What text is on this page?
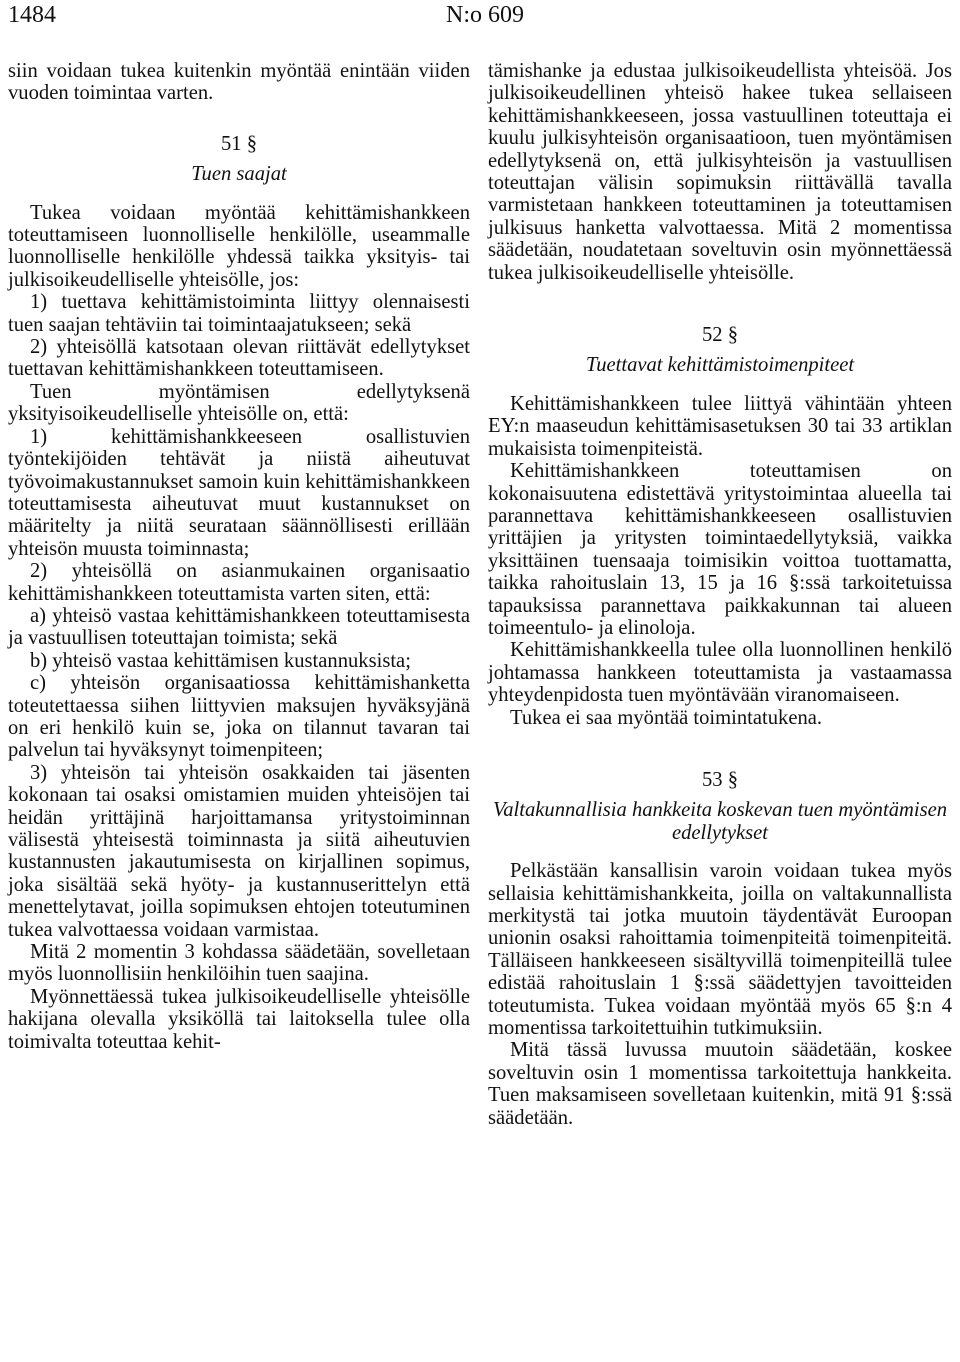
1484	N:o 609

siin voidaan tukea kuitenkin myöntää enintään viiden vuoden toimintaa varten.

51 §
Tuen saajat

Tukea voidaan myöntää kehittämishankkeen toteuttamiseen luonnolliselle henkilölle, useammalle luonnolliselle henkilölle yhdessä taikka yksityis- tai julkisoikeudelliselle yhteisölle, jos:

1) tuettava kehittämistoiminta liittyy olennaisesti tuen saajan tehtäviin tai toimintaajatukseen; sekä

2) yhteisöllä katsotaan olevan riittävät edellytykset tuettavan kehittämishankkeen toteuttamiseen.

Tuen myöntämisen edellytyksenä yksityisoikeudelliselle yhteisölle on, että:

1) kehittämishankkeeseen osallistuvien työntekijöiden tehtävät ja niistä aiheutuvat työvoimakustannukset samoin kuin kehittämishankkeen toteuttamisesta aiheutuvat muut kustannukset on määritelty ja niitä seurataan säännöllisesti erillään yhteisön muusta toiminnasta;

2) yhteisöllä on asianmukainen organisaatio kehittämishankkeen toteuttamista varten siten, että:

a) yhteisö vastaa kehittämishankkeen toteuttamisesta ja vastuullisen toteuttajan toimista; sekä

b) yhteisö vastaa kehittämisen kustannuksista;

c) yhteisön organisaatiossa kehittämishanketta toteutettaessa siihen liittyvien maksujen hyväksyjänä on eri henkilö kuin se, joka on tilannut tavaran tai palvelun tai hyväksynyt toimenpiteen;

3) yhteisön tai yhteisön osakkaiden tai jäsenten kokonaan tai osaksi omistamien muiden yhteisöjen tai heidän yrittäjinä harjoittamansa yritystoiminnan välisestä yhteisestä toiminnasta ja siitä aiheutuvien kustannusten jakautumisesta on kirjallinen sopimus, joka sisältää sekä hyöty- ja kustannuserittelyn että menettelytavat, joilla sopimuksen ehtojen toteutuminen tukea valvottaessa voidaan varmistaa.

Mitä 2 momentin 3 kohdassa säädetään, sovelletaan myös luonnollisiin henkilöihin tuen saajina.

Myönnettäessä tukea julkisoikeudelliselle yhteisölle hakijana olevalla yksiköllä tai laitoksella tulee olla toimivalta toteuttaa kehit-

tämishanke ja edustaa julkisoikeudellista yhteisöä. Jos julkisoikeudellinen yhteisö hakee tukea sellaiseen kehittämishankkeeseen, jossa vastuullinen toteuttaja ei kuulu julkisyhteisön organisaatioon, tuen myöntämisen edellytyksenä on, että julkisyhteisön ja vastuullisen toteuttajan välisin sopimuksin riittävällä tavalla varmistetaan hankkeen toteuttaminen ja toteuttamisen julkisuus hanketta valvottaessa. Mitä 2 momentissa säädetään, noudatetaan soveltuvin osin myönnettäessä tukea julkisoikeudelliselle yhteisölle.

52 §
Tuettavat kehittämistoimenpiteet

Kehittämishankkeen tulee liittyä vähintään yhteen EY:n maaseudun kehittämisasetuksen 30 tai 33 artiklan mukaisista toimenpiteistä.

Kehittämishankkeen toteuttamisen on kokonaisuutena edistettävä yritystoimintaa alueella tai parannettava kehittämishankkeeseen osallistuvien yrittäjien ja yritysten toimintaedellytyksiä, vaikka yksittäinen tuensaaja toimisikin voittoa tuottamatta, taikka rahoituslain 13, 15 ja 16 §:ssä tarkoitetuissa tapauksissa parannettava paikkakunnan tai alueen toimeentulo- ja elinoloja.

Kehittämishankkeella tulee olla luonnollinen henkilö johtamassa hankkeen toteuttamista ja vastaamassa yhteydenpidosta tuen myöntävään viranomaiseen.

Tukea ei saa myöntää toimintatukena.

53 §
Valtakunnallisia hankkeita koskevan tuen myöntämisen edellytykset

Pelkästään kansallisin varoin voidaan tukea myös sellaisia kehittämishankkeita, joilla on valtakunnallista merkitystä tai jotka muutoin täydentävät Euroopan unionin osaksi rahoittamia toimenpiteitä toimenpiteitä. Tälläiseen hankkeeseen sisältyvillä toimenpiteillä tulee edistää rahoituslain 1 §:ssä säädettyjen tavoitteiden toteutumista. Tukea voidaan myöntää myös 65 §:n 4 momentissa tarkoitettuihin tutkimuksiin.

Mitä tässä luvussa muutoin säädetään, koskee soveltuvin osin 1 momentissa tarkoitettuja hankkeita. Tuen maksamiseen sovelletaan kuitenkin, mitä 91 §:ssä säädetään.
